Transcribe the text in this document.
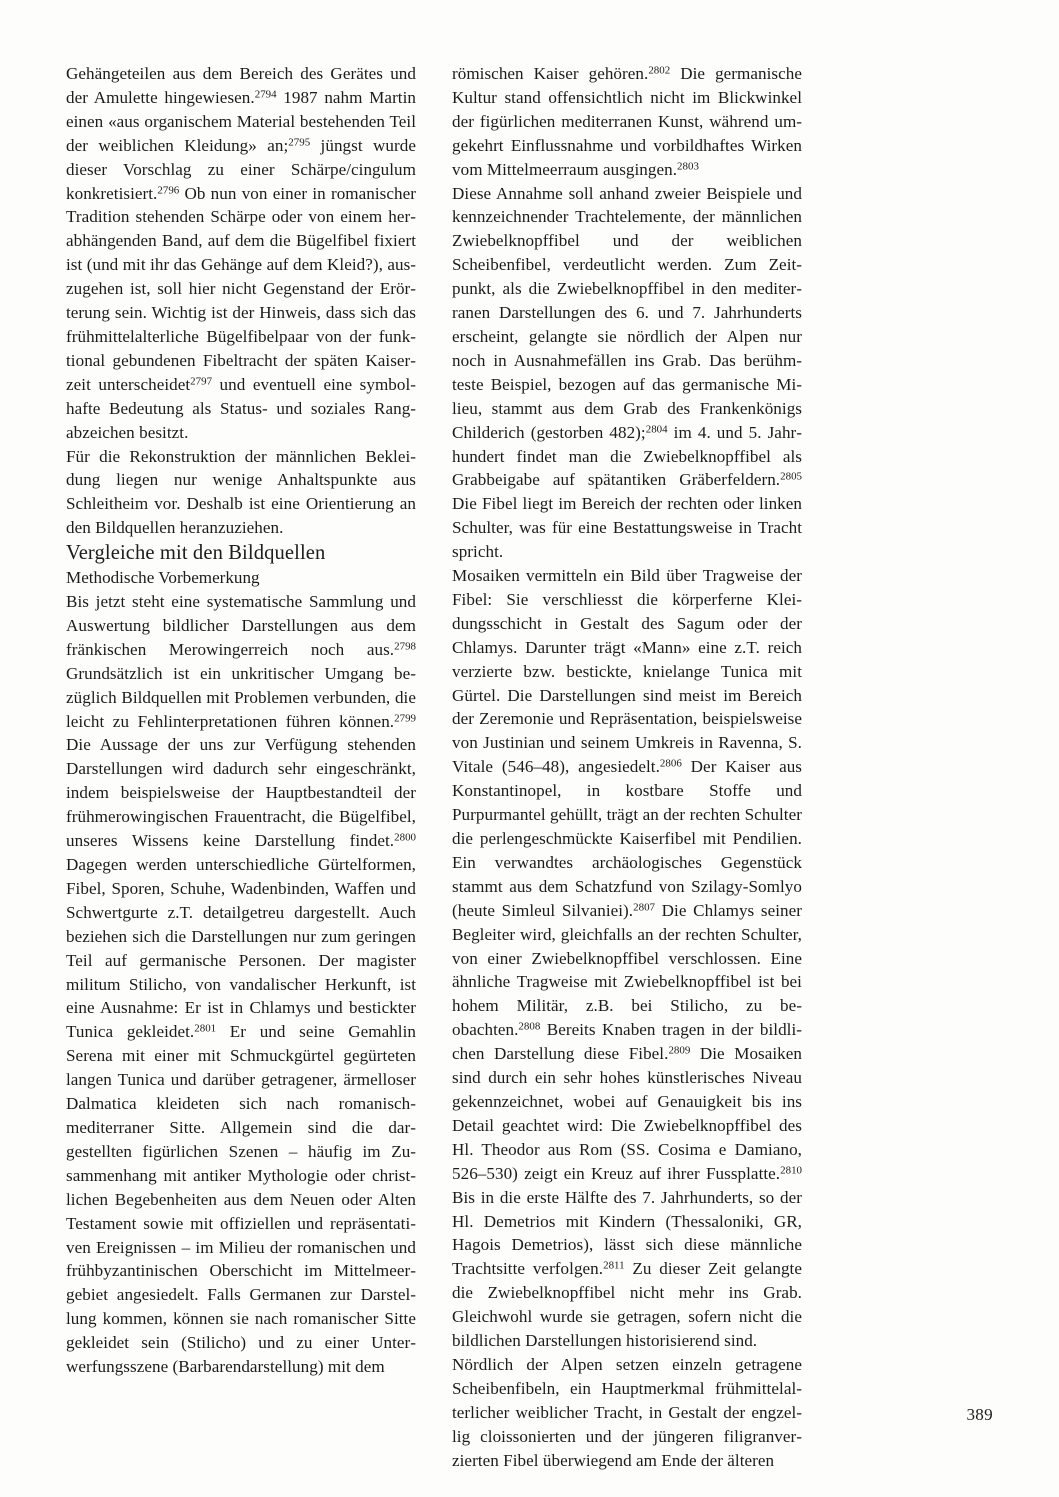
Gehängeteilen aus dem Bereich des Gerätes und der Amulette hingewiesen.$^{2794}$ 1987 nahm Martin einen «aus organischem Material bestehenden Teil der weiblichen Kleidung» an;$^{2795}$ jüngst wurde dieser Vorschlag zu einer Schärpe/cingulum konkretisiert.$^{2796}$ Ob nun von einer in romanischer Tradition stehenden Schärpe oder von einem herabhängenden Band, auf dem die Bügelfibel fixiert ist (und mit ihr das Gehänge auf dem Kleid?), auszugehen ist, soll hier nicht Gegenstand der Erörterung sein. Wichtig ist der Hinweis, dass sich das frühmittelalterliche Bügelfibelpaar von der funktional gebundenen Fibeltracht der späten Kaiserzeit unterscheidet$^{2797}$ und eventuell eine symbolhafte Bedeutung als Status- und soziales Rangabzeichen besitzt.

Für die Rekonstruktion der männlichen Bekleidung liegen nur wenige Anhaltspunkte aus Schleitheim vor. Deshalb ist eine Orientierung an den Bildquellen heranzuziehen.

Vergleiche mit den Bildquellen
Methodische Vorbemerkung

Bis jetzt steht eine systematische Sammlung und Auswertung bildlicher Darstellungen aus dem fränkischen Merowingerreich noch aus.$^{2798}$ Grundsätzlich ist ein unkritischer Umgang bezüglich Bildquellen mit Problemen verbunden, die leicht zu Fehlinterpretationen führen können.$^{2799}$ Die Aussage der uns zur Verfügung stehenden Darstellungen wird dadurch sehr eingeschränkt, indem beispielsweise der Hauptbestandteil der frühmerowingischen Frauentracht, die Bügelfibel, unseres Wissens keine Darstellung findet.$^{2800}$ Dagegen werden unterschiedliche Gürtelformen, Fibel, Sporen, Schuhe, Wadenbinden, Waffen und Schwertgurte z.T. detailgetreu dargestellt. Auch beziehen sich die Darstellungen nur zum geringen Teil auf germanische Personen. Der magister militum Stilicho, von vandalischer Herkunft, ist eine Ausnahme: Er ist in Chlamys und bestickter Tunica gekleidet.$^{2801}$ Er und seine Gemahlin Serena mit einer mit Schmuckgürtel gegürteten langen Tunica und darüber getragener, ärmelloser Dalmatica kleideten sich nach romanisch-mediterraner Sitte. Allgemein sind die dargestellten figürlichen Szenen – häufig im Zusammenhang mit antiker Mythologie oder christlichen Begebenheiten aus dem Neuen oder Alten Testament sowie mit offiziellen und repräsentativen Ereignissen – im Milieu der romanischen und frühbyzantinischen Oberschicht im Mittelmeergebiet angesiedelt. Falls Germanen zur Darstellung kommen, können sie nach romanischer Sitte gekleidet sein (Stilicho) und zu einer Unterwerfungsszene (Barbarendarstellung) mit dem

römischen Kaiser gehören.$^{2802}$ Die germanische Kultur stand offensichtlich nicht im Blickwinkel der figürlichen mediterranen Kunst, während umgekehrt Einflussnahme und vorbildhaftes Wirken vom Mittelmeerraum ausgingen.$^{2803}$

Diese Annahme soll anhand zweier Beispiele und kennzeichnender Trachtelemente, der männlichen Zwiebelknopffibel und der weiblichen Scheibenfibel, verdeutlicht werden. Zum Zeitpunkt, als die Zwiebelknopffibel in den mediterranen Darstellungen des 6. und 7. Jahrhunderts erscheint, gelangte sie nördlich der Alpen nur noch in Ausnahmefällen ins Grab. Das berühmteste Beispiel, bezogen auf das germanische Milieu, stammt aus dem Grab des Frankenkönigs Childerich (gestorben 482);$^{2804}$ im 4. und 5. Jahrhundert findet man die Zwiebelknopffibel als Grabbeigabe auf spätantiken Gräberfeldern.$^{2805}$ Die Fibel liegt im Bereich der rechten oder linken Schulter, was für eine Bestattungsweise in Tracht spricht.

Mosaiken vermitteln ein Bild über Tragweise der Fibel: Sie verschliesst die körperferne Kleidungsschicht in Gestalt des Sagum oder der Chlamys. Darunter trägt «Mann» eine z.T. reich verzierte bzw. bestickte, knielange Tunica mit Gürtel. Die Darstellungen sind meist im Bereich der Zeremonie und Repräsentation, beispielsweise von Justinian und seinem Umkreis in Ravenna, S. Vitale (546–48), angesiedelt.$^{2806}$ Der Kaiser aus Konstantinopel, in kostbare Stoffe und Purpurmantel gehüllt, trägt an der rechten Schulter die perlengeschmückte Kaiserfibel mit Pendilien. Ein verwandtes archäologisches Gegenstück stammt aus dem Schatzfund von Szilagy-Somlyo (heute Simleul Silvaniei).$^{2807}$ Die Chlamys seiner Begleiter wird, gleichfalls an der rechten Schulter, von einer Zwiebelknopffibel verschlossen. Eine ähnliche Tragweise mit Zwiebelknopffibel ist bei hohem Militär, z.B. bei Stilicho, zu beobachten.$^{2808}$ Bereits Knaben tragen in der bildlichen Darstellung diese Fibel.$^{2809}$ Die Mosaiken sind durch ein sehr hohes künstlerisches Niveau gekennzeichnet, wobei auf Genauigkeit bis ins Detail geachtet wird: Die Zwiebelknopffibel des Hl. Theodor aus Rom (SS. Cosima e Damiano, 526–530) zeigt ein Kreuz auf ihrer Fussplatte.$^{2810}$ Bis in die erste Hälfte des 7. Jahrhunderts, so der Hl. Demetrios mit Kindern (Thessaloniki, GR, Hagois Demetrios), lässt sich diese männliche Trachtsitte verfolgen.$^{2811}$ Zu dieser Zeit gelangte die Zwiebelknopffibel nicht mehr ins Grab. Gleichwohl wurde sie getragen, sofern nicht die bildlichen Darstellungen historisierend sind.

Nördlich der Alpen setzen einzeln getragene Scheibenfibeln, ein Hauptmerkmal frühmittelalterlicher weiblicher Tracht, in Gestalt der engzellig cloissonierten und der jüngeren filigranverzierten Fibel überwiegend am Ende der älteren

389
